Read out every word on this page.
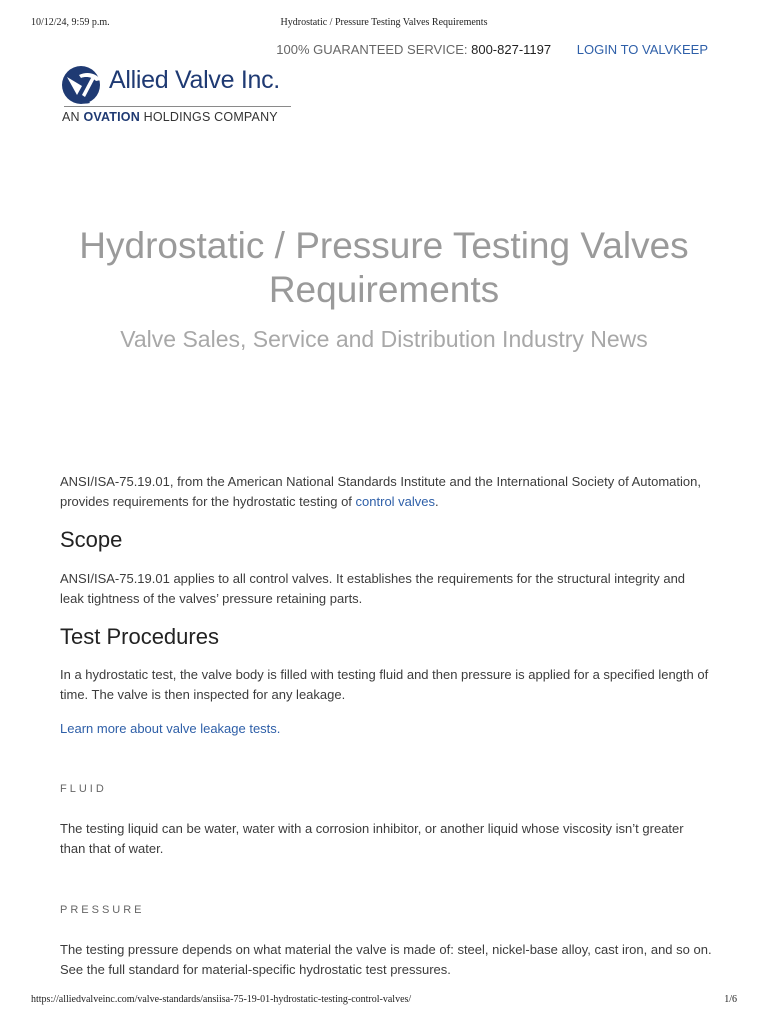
10/12/24, 9:59 p.m.	Hydrostatic / Pressure Testing Valves Requirements
100% GUARANTEED SERVICE: 800-827-1197 LOGIN TO VALVKEEP
Allied Valve Inc.
AN OVATION HOLDINGS COMPANY
Hydrostatic / Pressure Testing Valves Requirements

Valve Sales, Service and Distribution Industry News

ANSI/ISA-75.19.01, from the American National Standards Institute and the International Society of Automation, provides requirements for the hydrostatic testing of control valves.

Scope

ANSI/ISA-75.19.01 applies to all control valves. It establishes the requirements for the structural integrity and leak tightness of the valves’ pressure retaining parts.

Test Procedures

In a hydrostatic test, the valve body is filled with testing fluid and then pressure is applied for a specified length of time. The valve is then inspected for any leakage.

Learn more about valve leakage tests.

FLUID

The testing liquid can be water, water with a corrosion inhibitor, or another liquid whose viscosity isn’t greater than that of water.

PRESSURE

The testing pressure depends on what material the valve is made of: steel, nickel-base alloy, cast iron, and so on. See the full standard for material-specific hydrostatic test pressures.

https://alliedvalveinc.com/valve-standards/ansiisa-75-19-01-hydrostatic-testing-control-valves/	1/6
